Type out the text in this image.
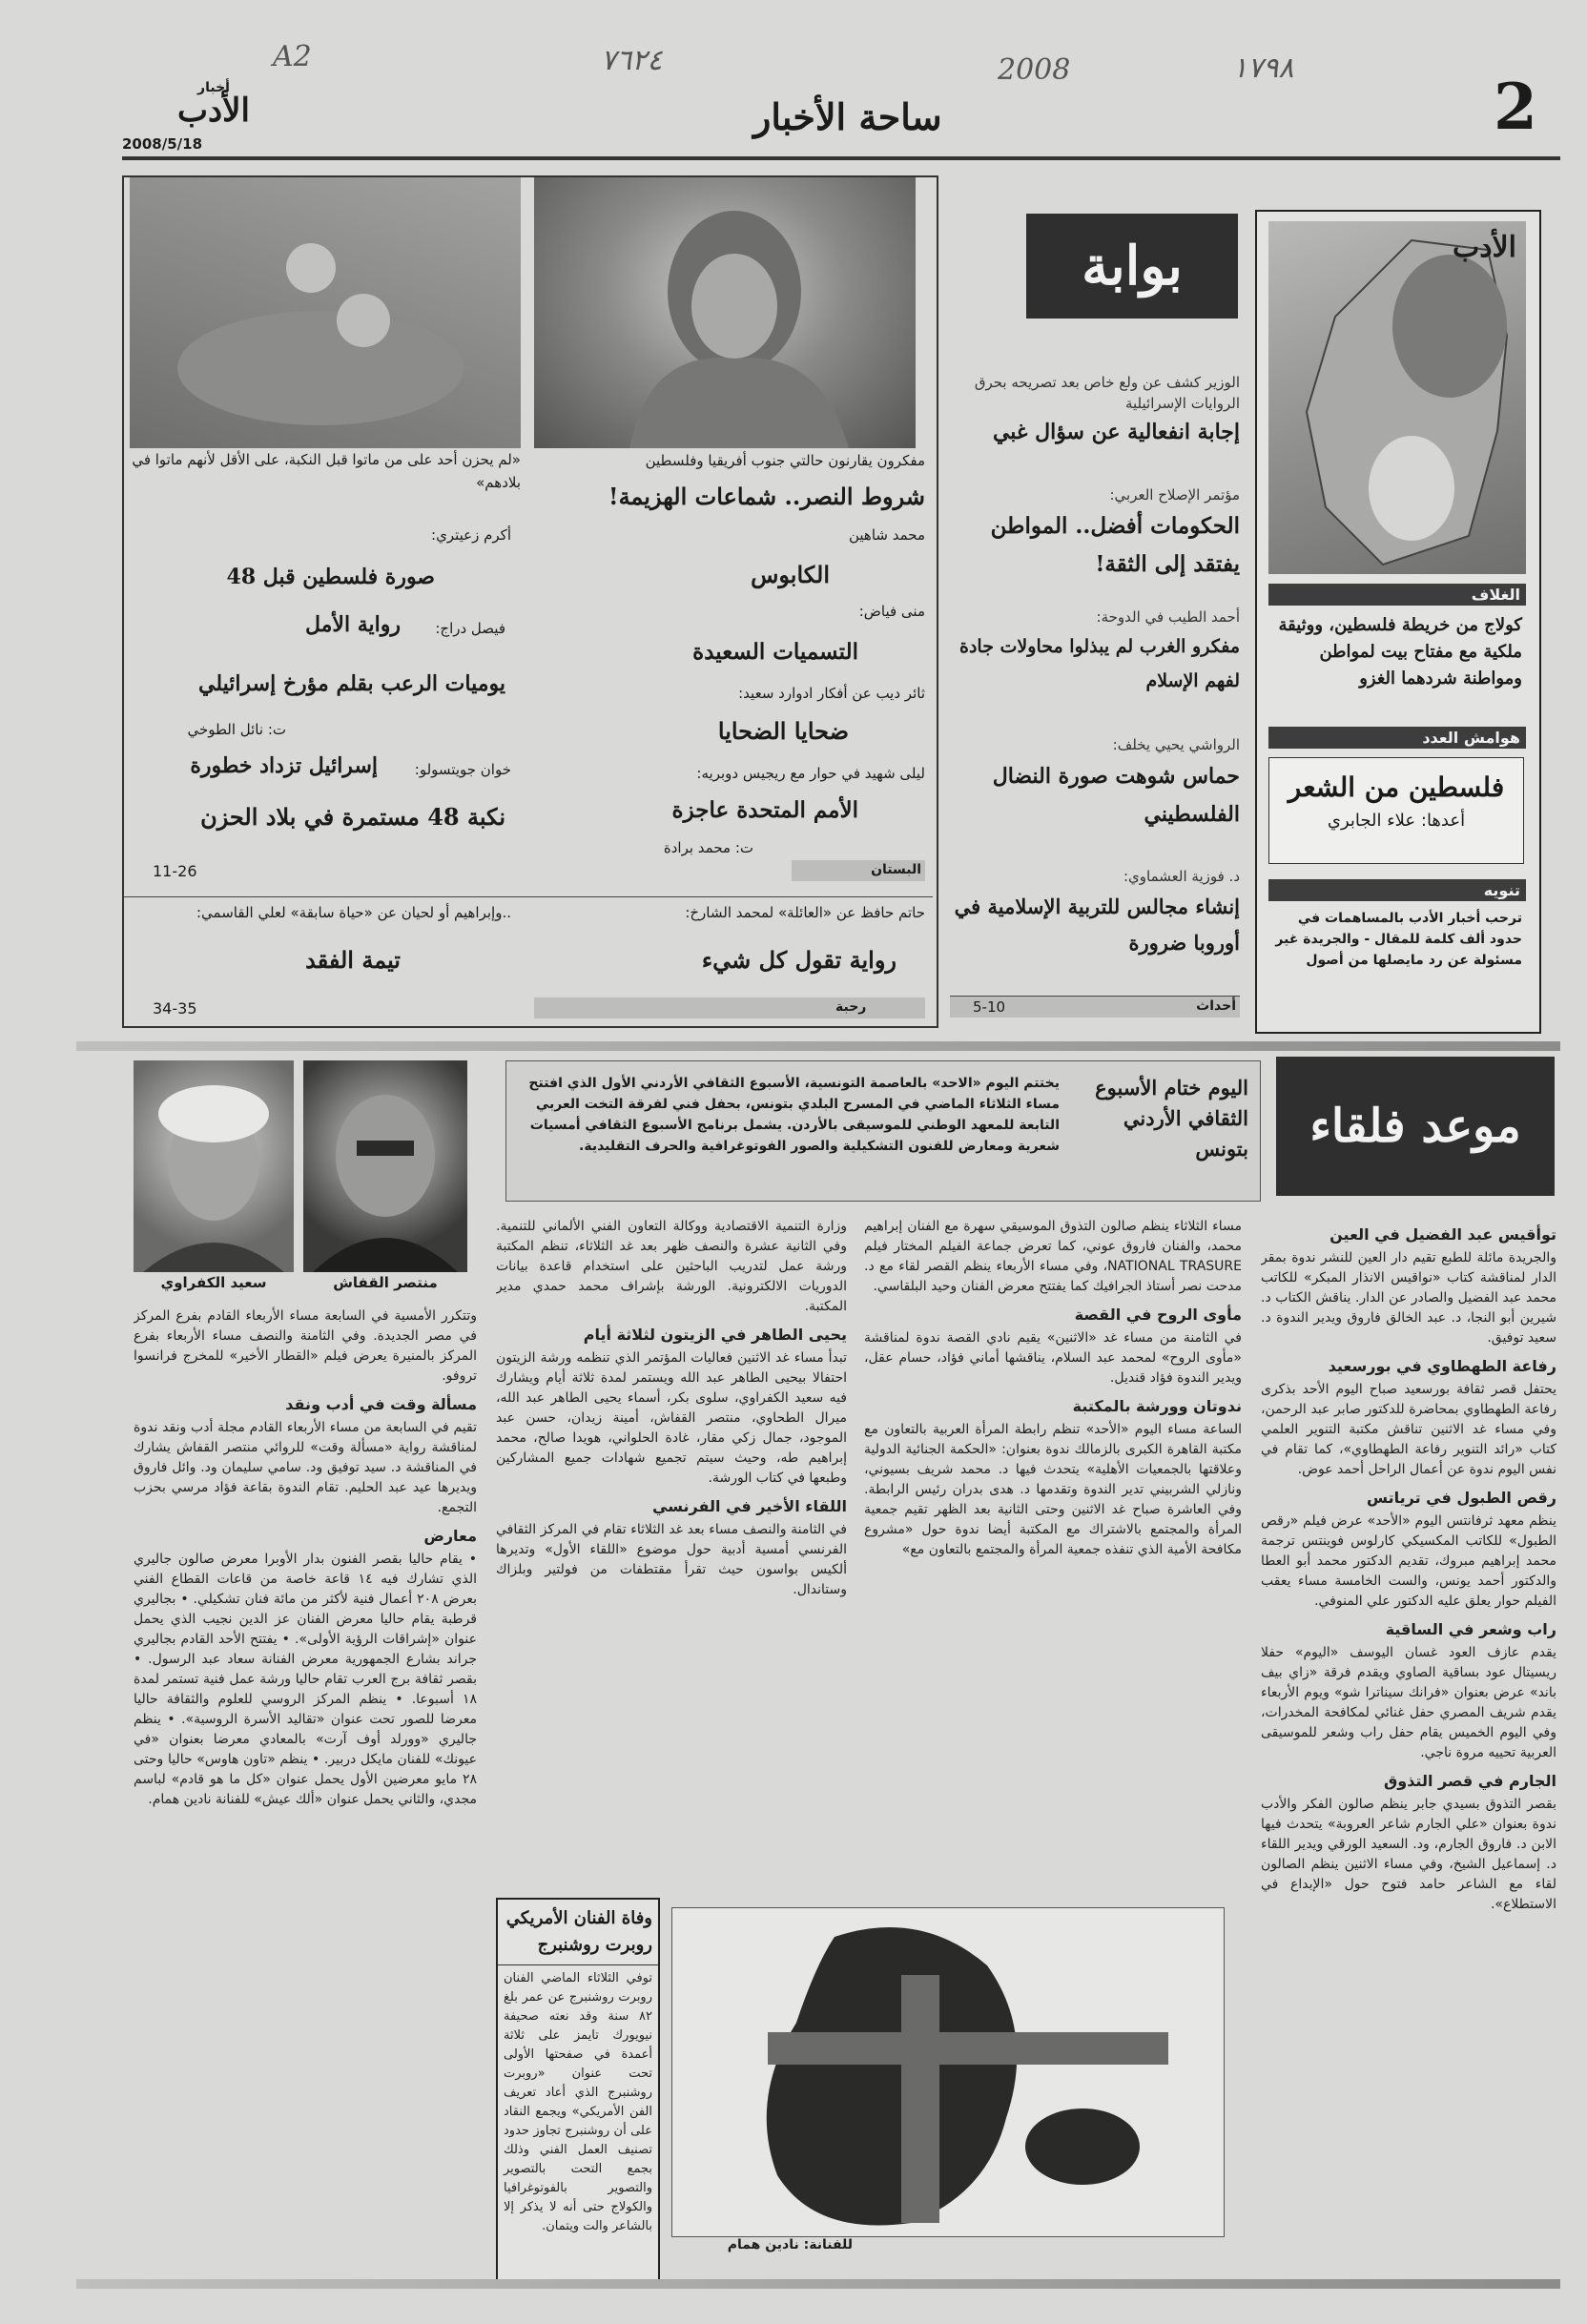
A2	٧٦٢٤	2008	١٧٩٨
أخبار
الأدب
2008/5/18
ساحة الأخبار	2
الأدب
الغلاف
كولاج من خريطة فلسطين، ووثيقة ملكية مع مفتاح بيت لمواطن ومواطنة شردهما الغزو
هوامش العدد
فلسطين من الشعر
أعدها: علاء الجابري
تنويه
ترحب أخبار الأدب بالمساهمات في حدود ألف كلمة للمقال - والجريدة غير مسئولة عن رد مايصلها من أصول
بوابة
الوزير كشف عن ولع خاص بعد تصريحه بحرق الروايات الإسرائيلية
إجابة انفعالية عن سؤال غبي
مؤتمر الإصلاح العربي:
الحكومات أفضل.. المواطن يفتقد إلى الثقة!
أحمد الطيب في الدوحة:
مفكرو الغرب لم يبذلوا محاولات جادة لفهم الإسلام
الرواشي يحيي يخلف:
حماس شوهت صورة النضال الفلسطيني
د. فوزية العشماوي:
إنشاء مجالس للتربية الإسلامية في أوروبا ضرورة
أحداث
5-10
مفكرون يقارنون حالتي جنوب أفريقيا وفلسطين
شروط النصر.. شماعات الهزيمة!
محمد شاهين
الكابوس
منى فياض:
التسميات السعيدة
ثائر ديب عن أفكار ادوارد سعيد:
ضحايا الضحايا
ليلى شهيد في حوار مع ريجيس دوبريه:
الأمم المتحدة عاجزة
ت: محمد برادة
البستان
«لم يحزن أحد على من ماتوا قبل النكبة، على الأقل لأنهم ماتوا في بلادهم»
أكرم زعيتري:
صورة فلسطين قبل 48
فيصل دراج:
رواية الأمل
يوميات الرعب بقلم مؤرخ إسرائيلي
ت: نائل الطوخي
خوان جويتسولو:
إسرائيل تزداد خطورة
نكبة 48 مستمرة في بلاد الحزن
11-26
حاتم حافظ عن «العائلة» لمحمد الشارخ:
رواية تقول كل شيء
رحبة
..وإبراهيم أو لحيان عن «حياة سابقة» لعلي القاسمي:
تيمة الفقد
34-35
موعد فلقاء
اليوم ختام الأسبوع الثقافي الأردني بتونس
يختتم اليوم «الاحد» بالعاصمة التونسية، الأسبوع الثقافي الأردني الأول الذي افتتح مساء الثلاثاء الماضي في المسرح البلدي بتونس، بحفل فني لفرقة التخت العربي التابعة للمعهد الوطني للموسيقى بالأردن. يشمل برنامج الأسبوع الثقافي أمسيات شعرية ومعارض للفنون التشكيلية والصور الفوتوغرافية والحرف التقليدية.
منتصر القفاش
سعيد الكفراوي
توأقيس عبد الفضيل في العين

والجريدة مائلة للطبع تقيم دار العين للنشر ندوة بمقر الدار لمناقشة كتاب «نواقيس الانذار المبكر» للكاتب محمد عبد الفضيل والصادر عن الدار. يناقش الكتاب د. شيرين أبو النجا، د. عبد الخالق فاروق ويدير الندوة د. سعيد توفيق.

رفاعة الطهطاوي في بورسعيد

يحتفل قصر ثقافة بورسعيد صباح اليوم الأحد بذكرى رفاعة الطهطاوي بمحاضرة للدكتور صابر عبد الرحمن، وفي مساء غد الاثنين تناقش مكتبة التنوير العلمي كتاب «رائد التنوير رفاعة الطهطاوي»، كما تقام في نفس اليوم ندوة عن أعمال الراحل أحمد عوض.

رقص الطبول في ترياتس

ينظم معهد ثرفانتس اليوم «الأحد» عرض فيلم «رقص الطبول» للكاتب المكسيكي كارلوس فوينتس ترجمة محمد إبراهيم مبروك، تقديم الدكتور محمد أبو العطا والدكتور أحمد يونس، والست الخامسة مساء يعقب الفيلم حوار يعلق عليه الدكتور علي المنوفي.

راب وشعر في الساقية

يقدم عازف العود غسان اليوسف «اليوم» حفلا ريسيتال عود بساقية الصاوي ويقدم فرقة «زاي بيف باند» عرض بعنوان «فرانك سيناترا شو» ويوم الأربعاء يقدم شريف المصري حفل غنائي لمكافحة المخدرات، وفي اليوم الخميس يقام حفل راب وشعر للموسيقى العربية تحييه مروة ناجي.

الجارم في قصر التذوق

بقصر التذوق بسيدي جابر ينظم صالون الفكر والأدب ندوة بعنوان «علي الجارم شاعر العروبة» يتحدث فيها الابن د. فاروق الجارم، ود. السعيد الورقي ويدير اللقاء د. إسماعيل الشيخ، وفي مساء الاثنين ينظم الصالون لقاء مع الشاعر حامد فتوح حول «الإبداع في الاستطلاع».

مساء الثلاثاء ينظم صالون التذوق الموسيقي سهرة مع الفنان إبراهيم محمد، والفنان فاروق عوني، كما تعرض جماعة الفيلم المختار فيلم NATIONAL TRASURE، وفي مساء الأربعاء ينظم القصر لقاء مع د. مدحت نصر أستاذ الجرافيك كما يفتتح معرض الفنان وحيد البلقاسي.

مأوى الروح في القصة

في الثامنة من مساء غد «الاثنين» يقيم نادي القصة ندوة لمناقشة «مأوى الروح» لمحمد عبد السلام، يناقشها أماني فؤاد، حسام عقل، ويدير الندوة فؤاد قنديل.

ندوتان وورشة بالمكتبة

الساعة مساء اليوم «الأحد» تنظم رابطة المرأة العربية بالتعاون مع مكتبة القاهرة الكبرى بالزمالك ندوة بعنوان: «الحكمة الجنائية الدولية وعلاقتها بالجمعيات الأهلية» يتحدث فيها د. محمد شريف بسيوني، ونازلي الشربيني تدير الندوة وتقدمها د. هدى بدران رئيس الرابطة. وفي العاشرة صباح غد الاثنين وحتى الثانية بعد الظهر تقيم جمعية المرأة والمجتمع بالاشتراك مع المكتبة أيضا ندوة حول «مشروع مكافحة الأمية الذي تنفذه جمعية المرأة والمجتمع بالتعاون مع»

وزارة التنمية الاقتصادية ووكالة التعاون الفني الألماني للتنمية. وفي الثانية عشرة والنصف ظهر بعد غد الثلاثاء، تنظم المكتبة ورشة عمل لتدريب الباحثين على استخدام قاعدة بيانات الدوريات الالكترونية. الورشة بإشراف محمد حمدي مدير المكتبة.

يحيى الطاهر في الزيتون لثلاثة أيام

تبدأ مساء غد الاثنين فعاليات المؤتمر الذي تنظمه ورشة الزيتون احتفالا بيحيى الطاهر عبد الله ويستمر لمدة ثلاثة أيام ويشارك فيه سعيد الكفراوي، سلوى بكر، أسماء يحيى الطاهر عبد الله، ميرال الطحاوي، منتصر القفاش، أمينة زيدان، حسن عبد الموجود، جمال زكي مقار، غادة الحلواني، هويدا صالح، محمد إبراهيم طه، وحيث سيتم تجميع شهادات جميع المشاركين وطبعها في كتاب الورشة.

اللقاء الأخير في الفرنسي

في الثامنة والنصف مساء بعد غد الثلاثاء تقام في المركز الثقافي الفرنسي أمسية أدبية حول موضوع «اللقاء الأول» وتديرها ألكيس بواسون حيث تقرأ مقتطفات من فولتير وبلزاك وستاندال.

وتتكرر الأمسية في السابعة مساء الأربعاء القادم بفرع المركز في مصر الجديدة. وفي الثامنة والنصف مساء الأربعاء بفرع المركز بالمنيرة يعرض فيلم «القطار الأخير» للمخرج فرانسوا تروفو.

مسألة وقت في أدب ونقد

تقيم في السابعة من مساء الأربعاء القادم مجلة أدب ونقد ندوة لمناقشة رواية «مسألة وقت» للروائي منتصر القفاش يشارك في المناقشة د. سيد توفيق ود. سامي سليمان ود. وائل فاروق ويديرها عيد عبد الحليم. تقام الندوة بقاعة فؤاد مرسي بحزب التجمع.

معارض

• يقام حاليا بقصر الفنون بدار الأوبرا معرض صالون جاليري الذي تشارك فيه ١٤ قاعة خاصة من قاعات القطاع الفني بعرض ٢٠٨ أعمال فنية لأكثر من مائة فنان تشكيلي. • بجاليري قرطبة يقام حاليا معرض الفنان عز الدين نجيب الذي يحمل عنوان «إشراقات الرؤية الأولى». • يفتتح الأحد القادم بجاليري جراند بشارع الجمهورية معرض الفنانة سعاد عبد الرسول. • بقصر ثقافة برج العرب تقام حاليا ورشة عمل فنية تستمر لمدة ١٨ أسبوعا. • ينظم المركز الروسي للعلوم والثقافة حاليا معرضا للصور تحت عنوان «تقاليد الأسرة الروسية». • ينظم جاليري «وورلد أوف آرت» بالمعادي معرضا بعنوان «في عيونك» للفنان مايكل دربير. • ينظم «تاون هاوس» حاليا وحتى ٢٨ مايو معرضين الأول يحمل عنوان «كل ما هو قادم» لباسم مجدي، والثاني يحمل عنوان «ألك عيش» للفنانة نادين همام.

وفاة الفنان الأمريكي روبرت روشنبرج
توفي الثلاثاء الماضي الفنان روبرت روشنبرج عن عمر بلغ ٨٢ سنة وقد نعته صحيفة نيويورك تايمز على ثلاثة أعمدة في صفحتها الأولى تحت عنوان «روبرت روشنبرج الذي أعاد تعريف الفن الأمريكي» ويجمع النقاد على أن روشنبرج تجاوز حدود تصنيف العمل الفني وذلك بجمع التحت بالتصوير والتصوير بالفوتوغرافيا والكولاج حتى أنه لا يذكر إلا بالشاعر والت ويتمان.
للفنانة: نادين همام
